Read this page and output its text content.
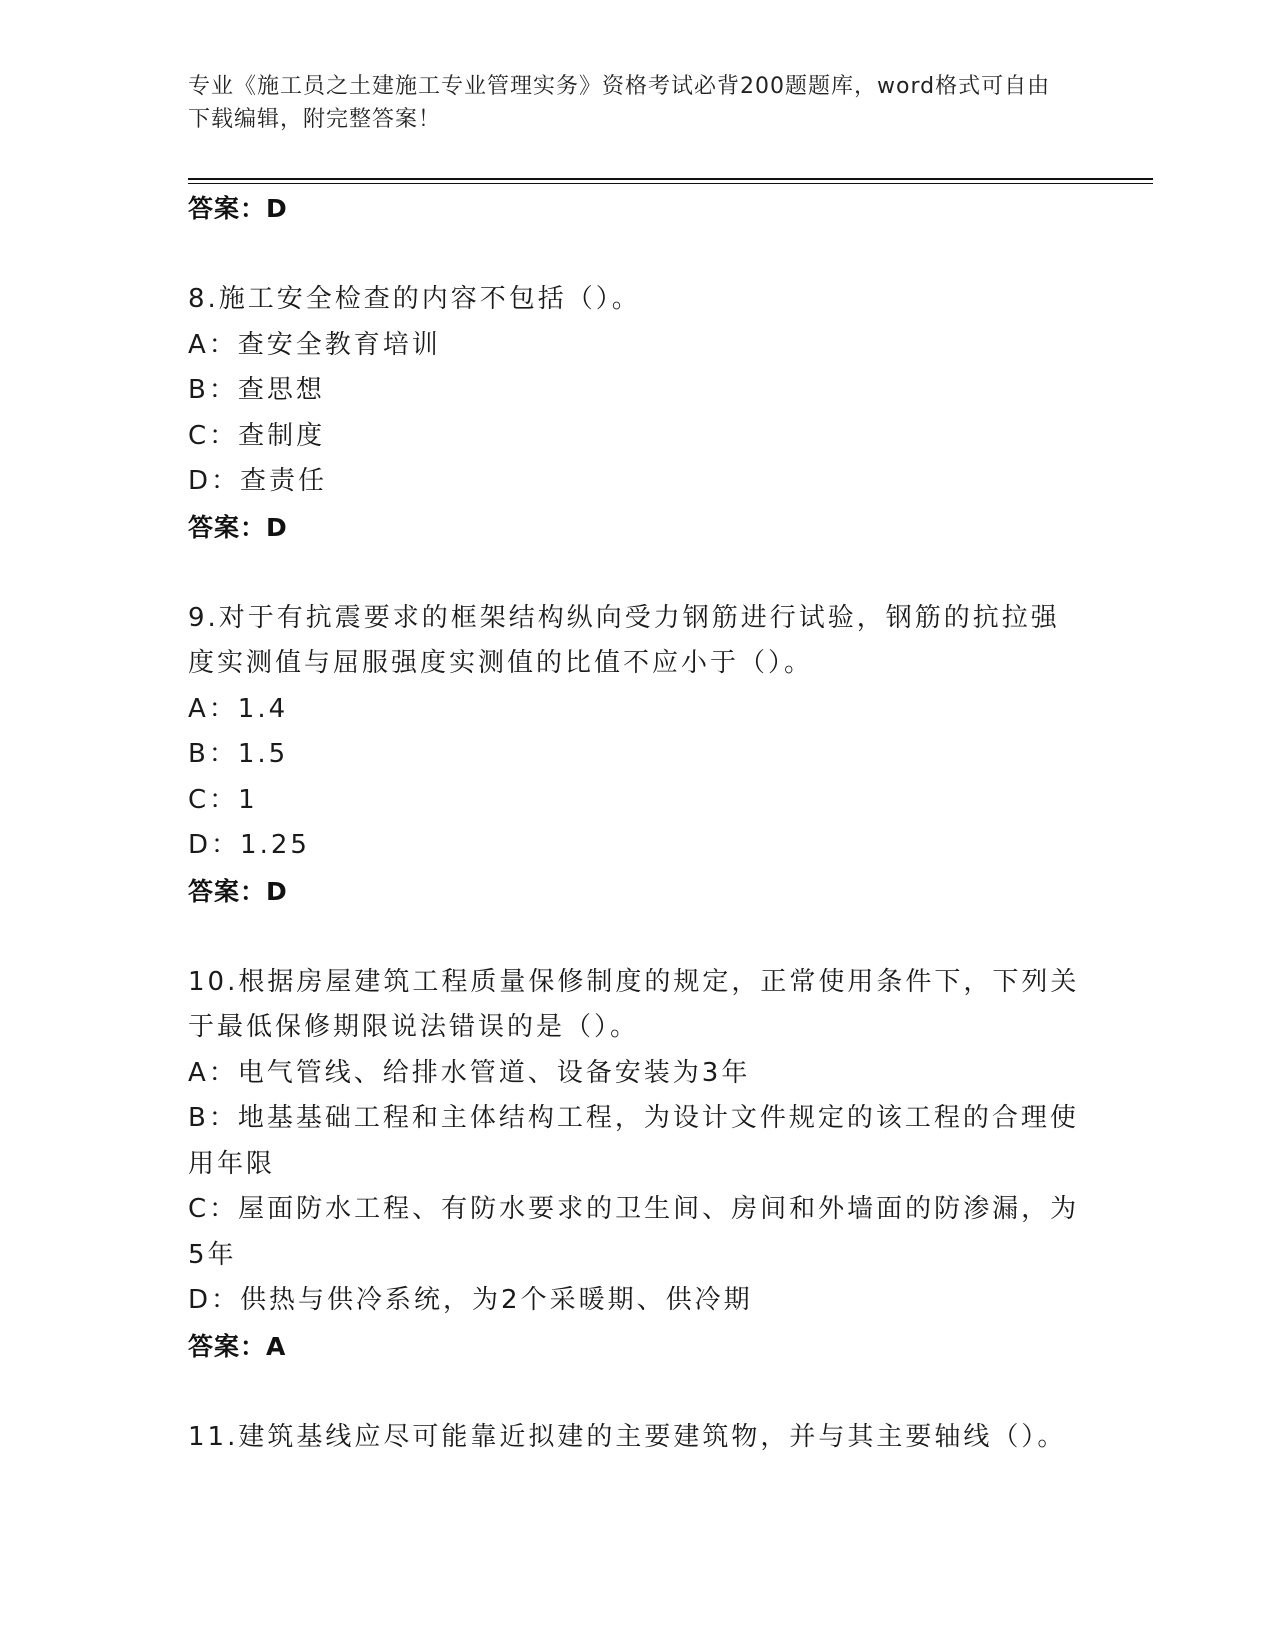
专业《施工员之土建施工专业管理实务》资格考试必背200题题库，word格式可自由下载编辑，附完整答案！
答案：D
8.施工安全检查的内容不包括（）。
A：查安全教育培训
B：查思想
C：查制度
D：查责任
答案：D
9.对于有抗震要求的框架结构纵向受力钢筋进行试验，钢筋的抗拉强
度实测值与屈服强度实测值的比值不应小于（）。
A：1.4
B：1.5
C：1
D：1.25
答案：D
10.根据房屋建筑工程质量保修制度的规定，正常使用条件下，下列关
于最低保修期限说法错误的是（）。
A：电气管线、给排水管道、设备安装为3年
B：地基基础工程和主体结构工程，为设计文件规定的该工程的合理使
用年限
C：屋面防水工程、有防水要求的卫生间、房间和外墙面的防渗漏，为
5年
D：供热与供冷系统，为2个采暖期、供冷期
答案：A
11.建筑基线应尽可能靠近拟建的主要建筑物，并与其主要轴线（）。
